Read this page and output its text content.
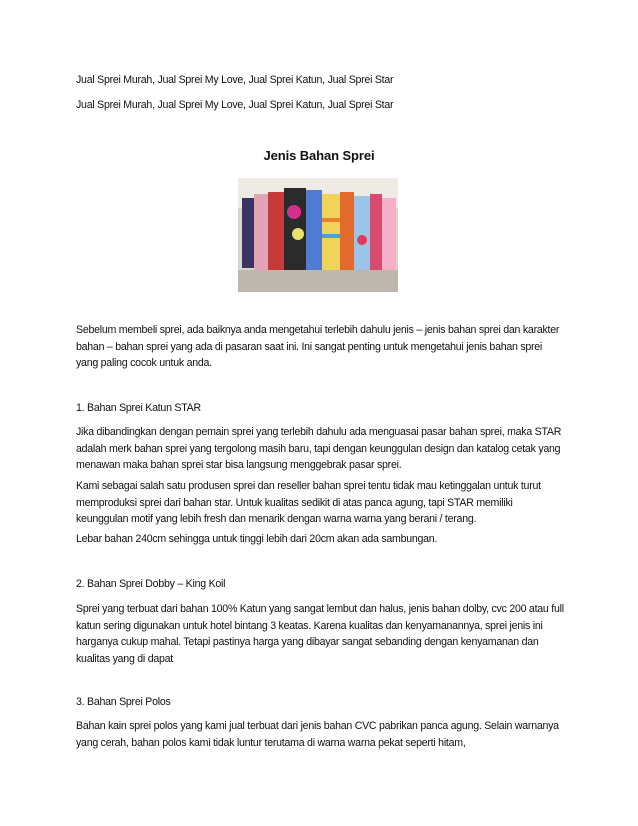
Jual Sprei Murah, Jual Sprei My Love, Jual Sprei Katun, Jual Sprei Star

Jual Sprei Murah, Jual Sprei My Love, Jual Sprei Katun, Jual Sprei Star

Jenis Bahan Sprei

Sebelum membeli sprei, ada baiknya anda mengetahui terlebih dahulu jenis – jenis bahan sprei dan karakter bahan – bahan sprei yang ada di pasaran saat ini. Ini sangat penting untuk mengetahui jenis bahan sprei yang paling cocok untuk anda.

1. Bahan Sprei Katun STAR

Jika dibandingkan dengan pemain sprei yang terlebih dahulu ada menguasai pasar bahan sprei, maka STAR adalah merk bahan sprei yang tergolong masih baru, tapi dengan keunggulan design dan katalog cetak yang menawan maka bahan sprei star bisa langsung menggebrak pasar sprei.

Kami sebagai salah satu produsen sprei dan reseller bahan sprei tentu tidak mau ketinggalan untuk turut memproduksi sprei dari bahan star. Untuk kualitas sedikit di atas panca agung, tapi STAR memiliki keunggulan motif yang lebih fresh dan menarik dengan warna warna yang berani / terang.

Lebar bahan 240cm sehingga untuk tinggi lebih dari 20cm akan ada sambungan.

2. Bahan Sprei Dobby – King Koil

Sprei yang terbuat dari bahan 100% Katun yang sangat lembut dan halus, jenis bahan dolby, cvc 200 atau full katun sering digunakan untuk hotel bintang 3 keatas. Karena kualitas dan kenyamanannya, sprei jenis ini harganya cukup mahal. Tetapi pastinya harga yang dibayar sangat sebanding dengan kenyamanan dan kualitas yang di dapat

3. Bahan Sprei Polos

Bahan kain sprei polos yang kami jual terbuat dari jenis bahan CVC pabrikan panca agung. Selain warnanya yang cerah, bahan polos kami tidak luntur terutama di warna warna pekat seperti hitam,
